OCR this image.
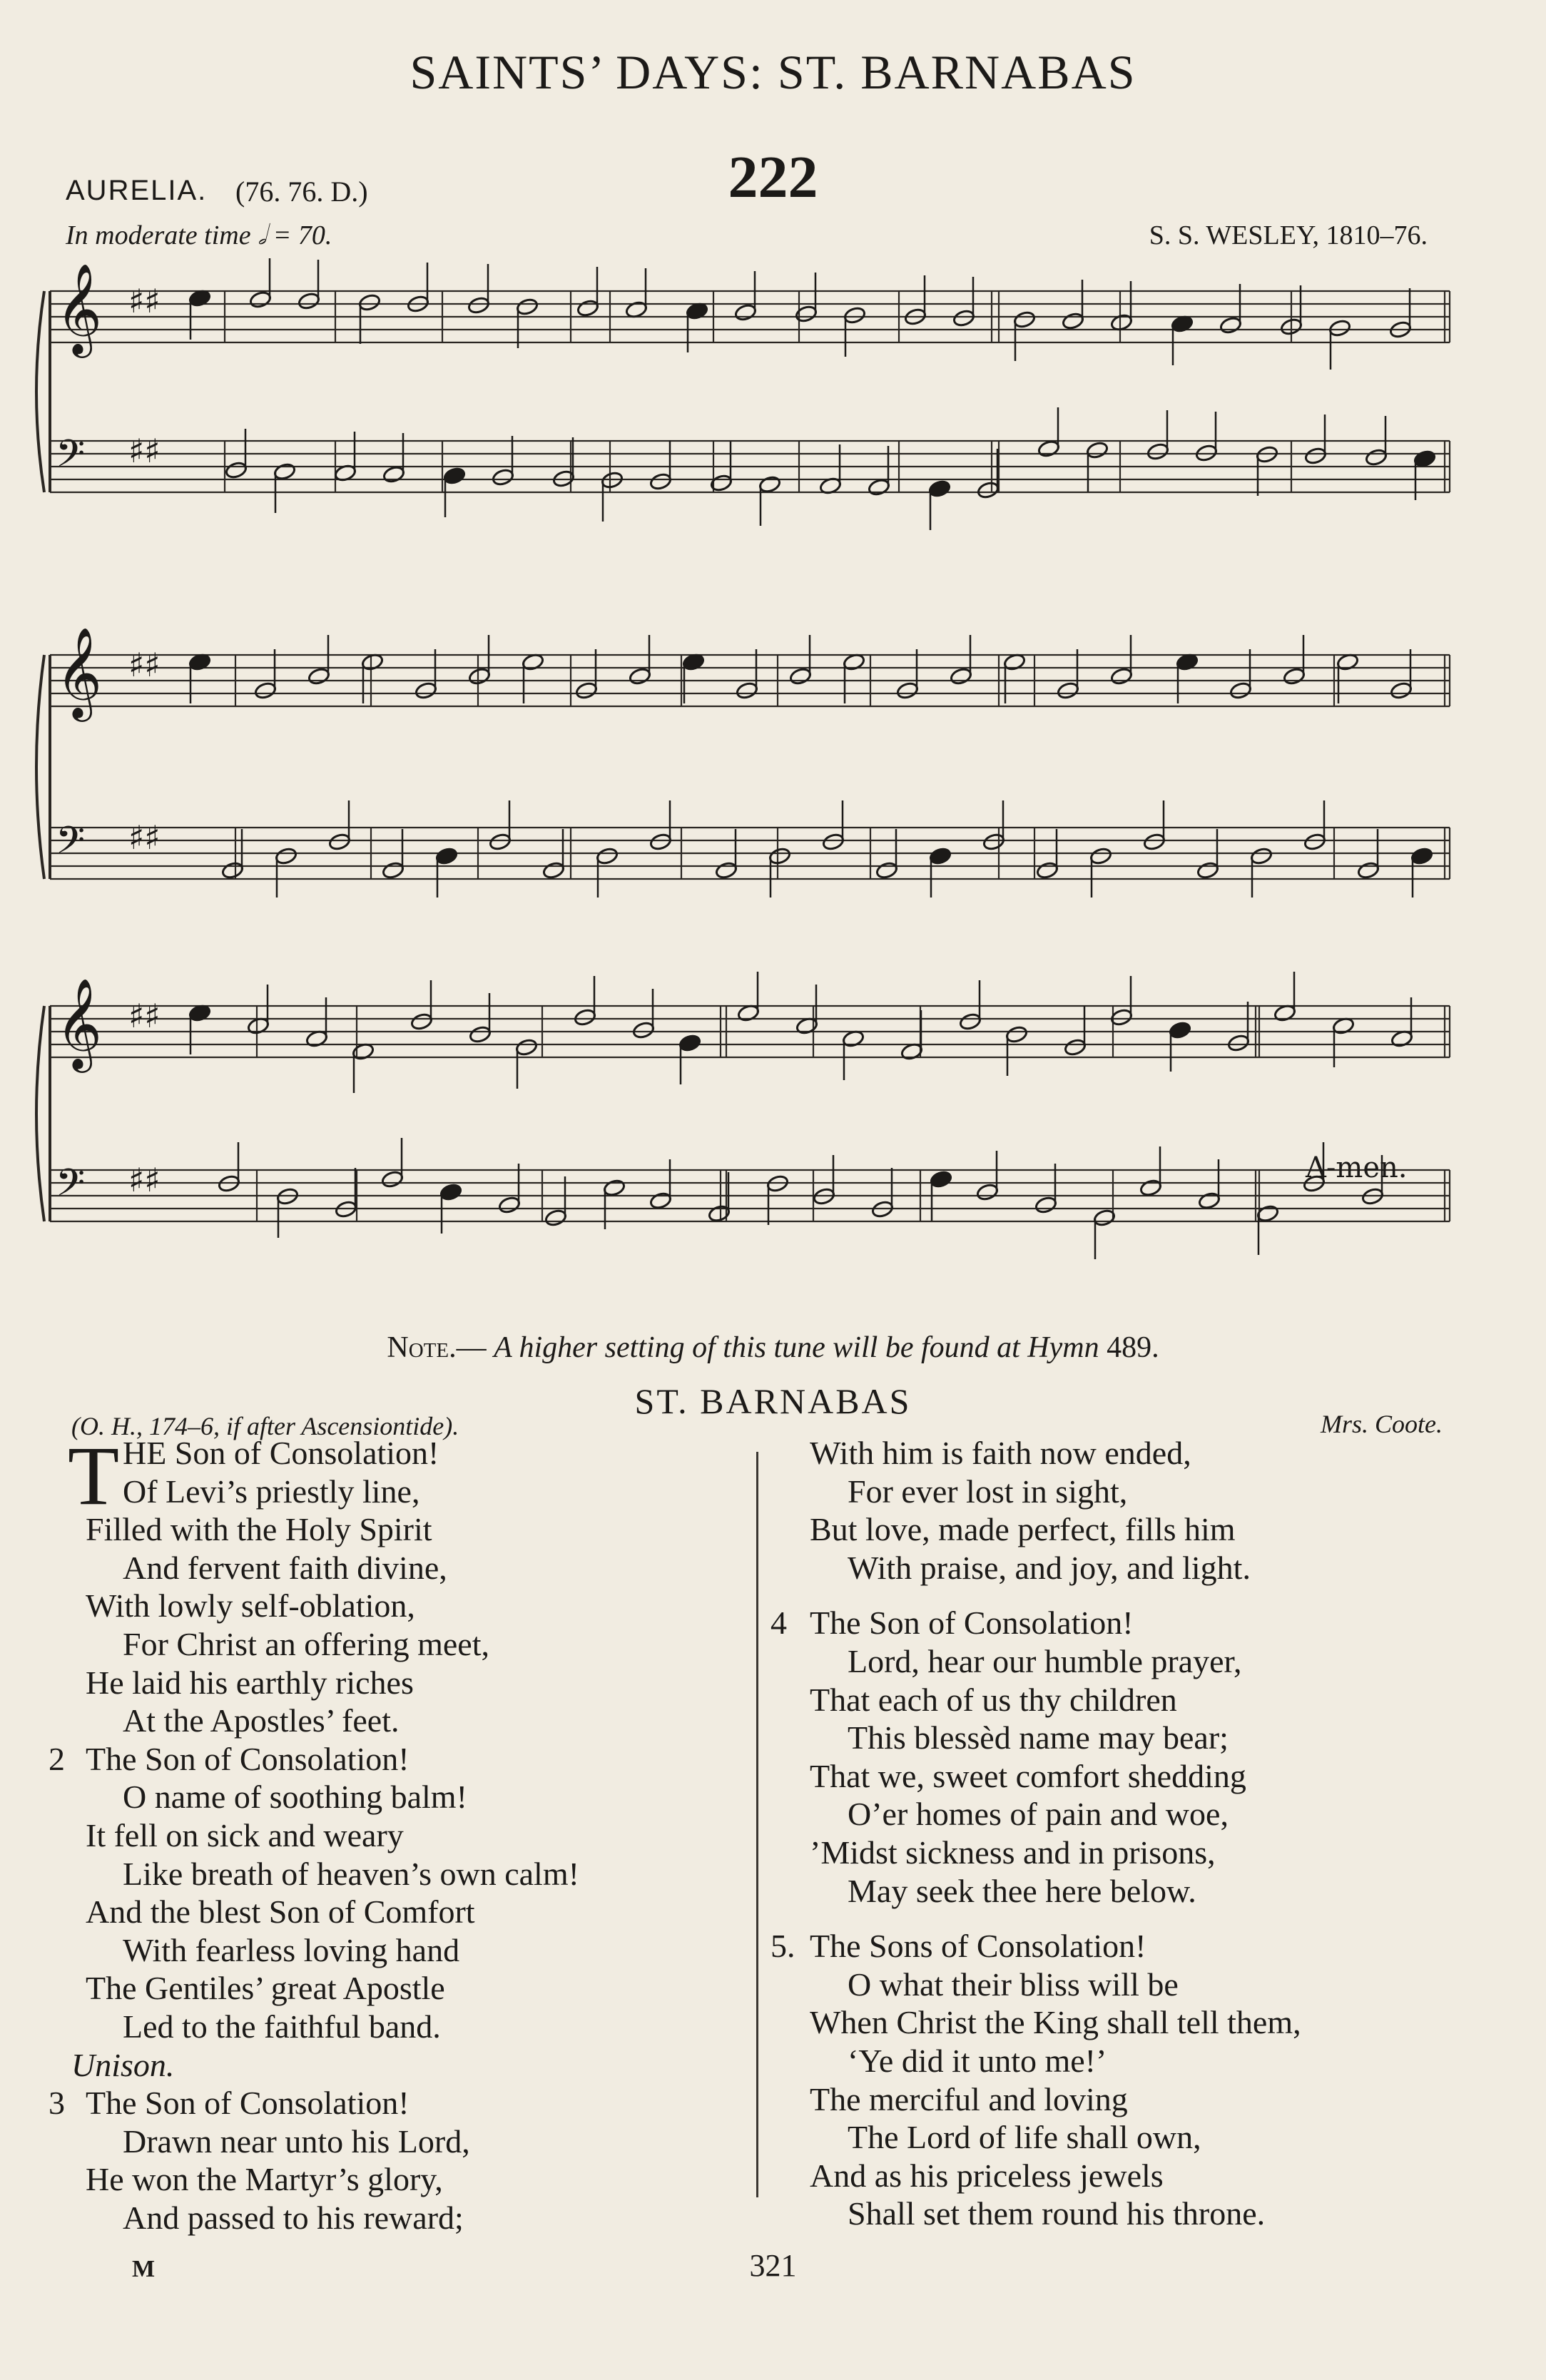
SAINTS’ DAYS: ST. BARNABAS
222
AURELIA. (76. 76. D.)
In moderate time 𝅗𝅥 = 70.	S. S. WESLEY, 1810–76.
𝄞 ♯♯
𝄢 ♯♯
𝄞 ♯♯
𝄢 ♯♯
𝄞 ♯♯
𝄢 ♯♯	A-men.
Note.— A higher setting of this tune will be found at Hymn 489.
ST. BARNABAS
(O. H., 174–6, if after Ascensiontide).	Mrs. Coote.
T HE Son of Consolation!
Of Levi’s priestly line,
Filled with the Holy Spirit
And fervent faith divine,
With lowly self-oblation,
For Christ an offering meet,
He laid his earthly riches
At the Apostles’ feet.
2 The Son of Consolation!
O name of soothing balm!
It fell on sick and weary
Like breath of heaven’s own calm!
And the blest Son of Comfort
With fearless loving hand
The Gentiles’ great Apostle
Led to the faithful band.
Unison.
3 The Son of Consolation!
Drawn near unto his Lord,
He won the Martyr’s glory,
And passed to his reward;
With him is faith now ended,
For ever lost in sight,
But love, made perfect, fills him
With praise, and joy, and light.
4 The Son of Consolation!
Lord, hear our humble prayer,
That each of us thy children
This blessèd name may bear;
That we, sweet comfort shedding
O’er homes of pain and woe,
’Midst sickness and in prisons,
May seek thee here below.
5. The Sons of Consolation!
O what their bliss will be
When Christ the King shall tell them,
‘Ye did it unto me!’
The merciful and loving
The Lord of life shall own,
And as his priceless jewels
Shall set them round his throne.
M	321
